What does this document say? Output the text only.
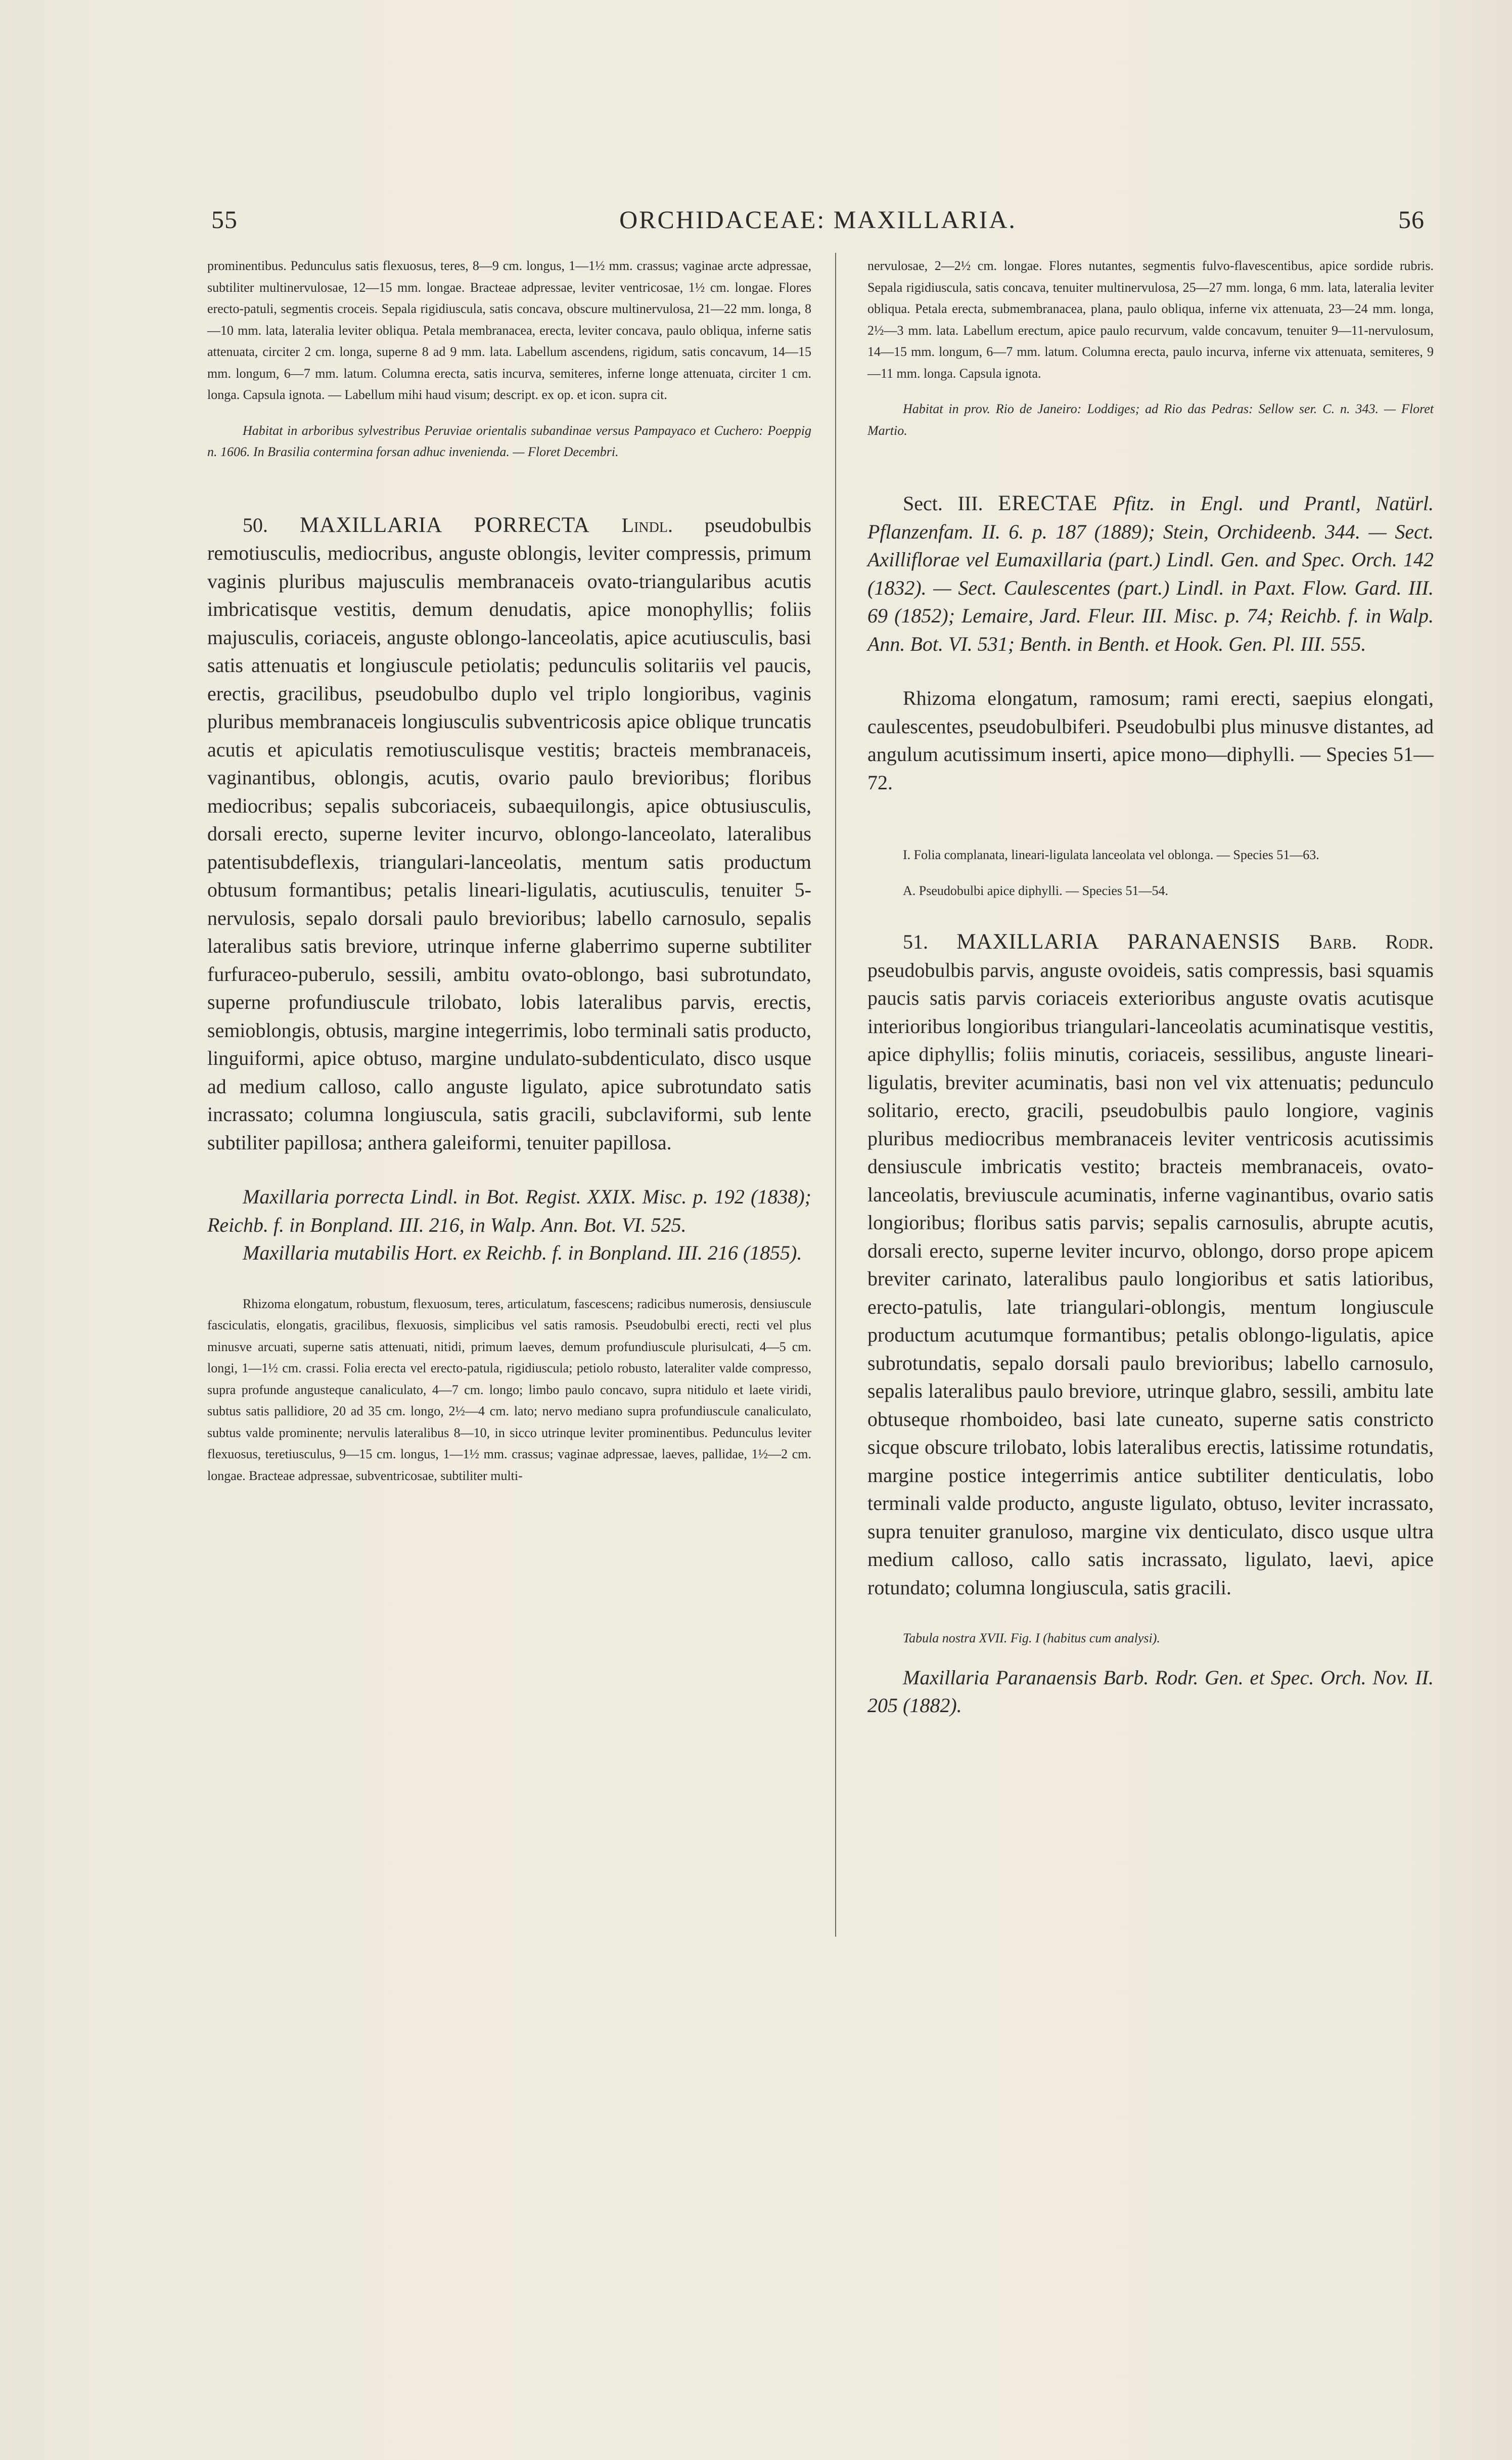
55	ORCHIDACEAE: MAXILLARIA.	56

prominentibus. Pedunculus satis flexuosus, teres, 8—9 cm. longus, 1—1½ mm. crassus; vaginae arcte adpressae, subtiliter multinervulosae, 12—15 mm. longae. Bracteae adpressae, leviter ventricosae, 1½ cm. longae. Flores erecto-patuli, segmentis croceis. Sepala rigidiuscula, satis concava, obscure multinervulosa, 21—22 mm. longa, 8—10 mm. lata, lateralia leviter obliqua. Petala membranacea, erecta, leviter concava, paulo obliqua, inferne satis attenuata, circiter 2 cm. longa, superne 8 ad 9 mm. lata. Labellum ascendens, rigidum, satis concavum, 14—15 mm. longum, 6—7 mm. latum. Columna erecta, satis incurva, semiteres, inferne longe attenuata, circiter 1 cm. longa. Capsula ignota. — Labellum mihi haud visum; descript. ex op. et icon. supra cit.

Habitat in arboribus sylvestribus Peruviae orientalis subandinae versus Pampayaco et Cuchero: Poeppig n. 1606. In Brasilia contermina forsan adhuc invenienda. — Floret Decembri.

50. MAXILLARIA PORRECTA Lindl. pseudobulbis remotiusculis, mediocribus, anguste oblongis, leviter compressis, primum vaginis pluribus majusculis membranaceis ovato-triangularibus acutis imbricatisque vestitis, demum denudatis, apice monophyllis; foliis majusculis, coriaceis, anguste oblongo-lanceolatis, apice acutiusculis, basi satis attenuatis et longiuscule petiolatis; pedunculis solitariis vel paucis, erectis, gracilibus, pseudobulbo duplo vel triplo longioribus, vaginis pluribus membranaceis longiusculis subventricosis apice oblique truncatis acutis et apiculatis remotiusculisque vestitis; bracteis membranaceis, vaginantibus, oblongis, acutis, ovario paulo brevioribus; floribus mediocribus; sepalis subcoriaceis, subaequilongis, apice obtusiusculis, dorsali erecto, superne leviter incurvo, oblongo-lanceolato, lateralibus patentisubdeflexis, triangulari-lanceolatis, mentum satis productum obtusum formantibus; petalis lineari-ligulatis, acutiusculis, tenuiter 5-nervulosis, sepalo dorsali paulo brevioribus; labello carnosulo, sepalis lateralibus satis breviore, utrinque inferne glaberrimo superne subtiliter furfuraceo-puberulo, sessili, ambitu ovato-oblongo, basi subrotundato, superne profundiuscule trilobato, lobis lateralibus parvis, erectis, semioblongis, obtusis, margine integerrimis, lobo terminali satis producto, linguiformi, apice obtuso, margine undulato-subdenticulato, disco usque ad medium calloso, callo anguste ligulato, apice subrotundato satis incrassato; columna longiuscula, satis gracili, subclaviformi, sub lente subtiliter papillosa; anthera galeiformi, tenuiter papillosa.

Maxillaria porrecta Lindl. in Bot. Regist. XXIX. Misc. p. 192 (1838); Reichb. f. in Bonpland. III. 216, in Walp. Ann. Bot. VI. 525.

Maxillaria mutabilis Hort. ex Reichb. f. in Bonpland. III. 216 (1855).

Rhizoma elongatum, robustum, flexuosum, teres, articulatum, fascescens; radicibus numerosis, densiuscule fasciculatis, elongatis, gracilibus, flexuosis, simplicibus vel satis ramosis. Pseudobulbi erecti, recti vel plus minusve arcuati, superne satis attenuati, nitidi, primum laeves, demum profundiuscule plurisulcati, 4—5 cm. longi, 1—1½ cm. crassi. Folia erecta vel erecto-patula, rigidiuscula; petiolo robusto, lateraliter valde compresso, supra profunde angusteque canaliculato, 4—7 cm. longo; limbo paulo concavo, supra nitidulo et laete viridi, subtus satis pallidiore, 20 ad 35 cm. longo, 2½—4 cm. lato; nervo mediano supra profundiuscule canaliculato, subtus valde prominente; nervulis lateralibus 8—10, in sicco utrinque leviter prominentibus. Pedunculus leviter flexuosus, teretiusculus, 9—15 cm. longus, 1—1½ mm. crassus; vaginae adpressae, laeves, pallidae, 1½—2 cm. longae. Bracteae adpressae, subventricosae, subtiliter multi-

nervulosae, 2—2½ cm. longae. Flores nutantes, segmentis fulvo-flavescentibus, apice sordide rubris. Sepala rigidiuscula, satis concava, tenuiter multinervulosa, 25—27 mm. longa, 6 mm. lata, lateralia leviter obliqua. Petala erecta, submembranacea, plana, paulo obliqua, inferne vix attenuata, 23—24 mm. longa, 2½—3 mm. lata. Labellum erectum, apice paulo recurvum, valde concavum, tenuiter 9—11-nervulosum, 14—15 mm. longum, 6—7 mm. latum. Columna erecta, paulo incurva, inferne vix attenuata, semiteres, 9—11 mm. longa. Capsula ignota.

Habitat in prov. Rio de Janeiro: Loddiges; ad Rio das Pedras: Sellow ser. C. n. 343. — Floret Martio.

Sect. III. ERECTAE Pfitz. in Engl. und Prantl, Natürl. Pflanzenfam. II. 6. p. 187 (1889); Stein, Orchideenb. 344. — Sect. Axilliflorae vel Eumaxillaria (part.) Lindl. Gen. and Spec. Orch. 142 (1832). — Sect. Caulescentes (part.) Lindl. in Paxt. Flow. Gard. III. 69 (1852); Lemaire, Jard. Fleur. III. Misc. p. 74; Reichb. f. in Walp. Ann. Bot. VI. 531; Benth. in Benth. et Hook. Gen. Pl. III. 555.

Rhizoma elongatum, ramosum; rami erecti, saepius elongati, caulescentes, pseudobulbiferi. Pseudobulbi plus minusve distantes, ad angulum acutissimum inserti, apice mono—diphylli. — Species 51—72.

I. Folia complanata, lineari-ligulata lanceolata vel oblonga. — Species 51—63.

A. Pseudobulbi apice diphylli. — Species 51—54.

51. MAXILLARIA PARANAENSIS Barb. Rodr. pseudobulbis parvis, anguste ovoideis, satis compressis, basi squamis paucis satis parvis coriaceis exterioribus anguste ovatis acutisque interioribus longioribus triangulari-lanceolatis acuminatisque vestitis, apice diphyllis; foliis minutis, coriaceis, sessilibus, anguste lineari-ligulatis, breviter acuminatis, basi non vel vix attenuatis; pedunculo solitario, erecto, gracili, pseudobulbis paulo longiore, vaginis pluribus mediocribus membranaceis leviter ventricosis acutissimis densiuscule imbricatis vestito; bracteis membranaceis, ovato-lanceolatis, breviuscule acuminatis, inferne vaginantibus, ovario satis longioribus; floribus satis parvis; sepalis carnosulis, abrupte acutis, dorsali erecto, superne leviter incurvo, oblongo, dorso prope apicem breviter carinato, lateralibus paulo longioribus et satis latioribus, erecto-patulis, late triangulari-oblongis, mentum longiuscule productum acutumque formantibus; petalis oblongo-ligulatis, apice subrotundatis, sepalo dorsali paulo brevioribus; labello carnosulo, sepalis lateralibus paulo breviore, utrinque glabro, sessili, ambitu late obtuseque rhomboideo, basi late cuneato, superne satis constricto sicque obscure trilobato, lobis lateralibus erectis, latissime rotundatis, margine postice integerrimis antice subtiliter denticulatis, lobo terminali valde producto, anguste ligulato, obtuso, leviter incrassato, supra tenuiter granuloso, margine vix denticulato, disco usque ultra medium calloso, callo satis incrassato, ligulato, laevi, apice rotundato; columna longiuscula, satis gracili.

Tabula nostra XVII. Fig. I (habitus cum analysi).

Maxillaria Paranaensis Barb. Rodr. Gen. et Spec. Orch. Nov. II. 205 (1882).
